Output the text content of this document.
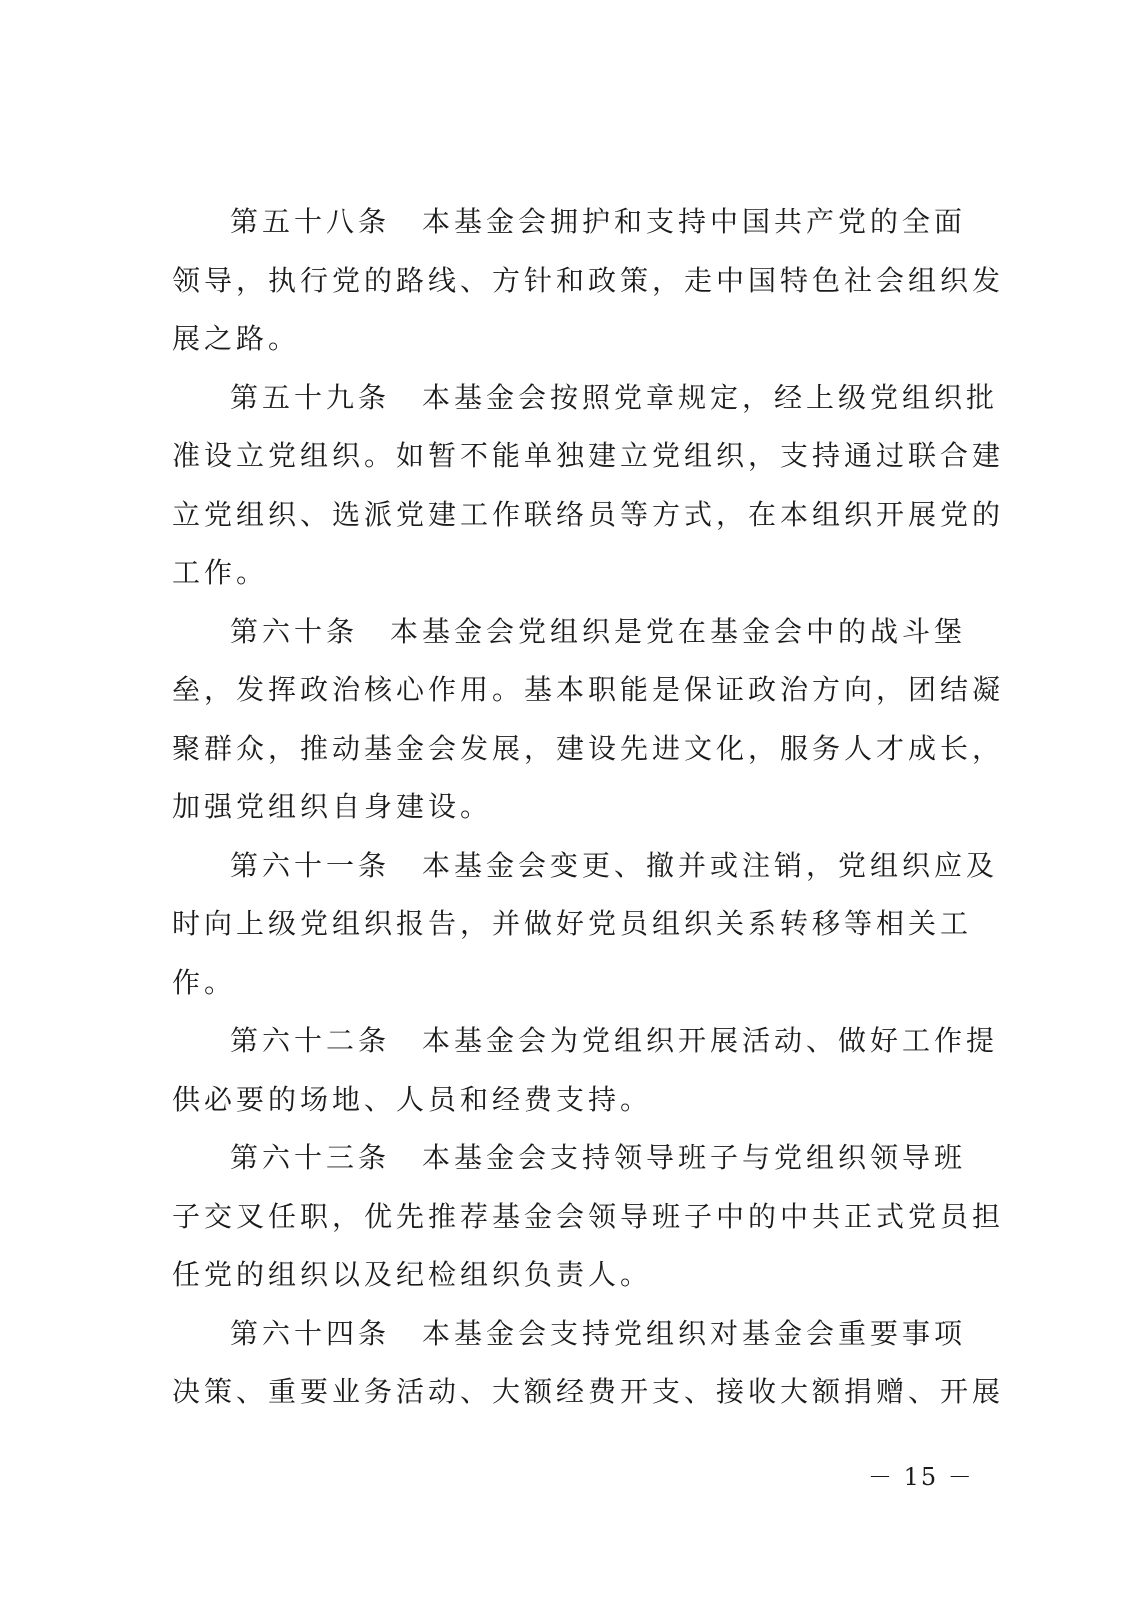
第五十八条 本基金会拥护和支持中国共产党的全面
领导，执行党的路线、方针和政策，走中国特色社会组织发
展之路。
第五十九条 本基金会按照党章规定，经上级党组织批
准设立党组织。如暂不能单独建立党组织，支持通过联合建
立党组织、选派党建工作联络员等方式，在本组织开展党的
工作。
第六十条 本基金会党组织是党在基金会中的战斗堡
垒，发挥政治核心作用。基本职能是保证政治方向，团结凝
聚群众，推动基金会发展，建设先进文化，服务人才成长，
加强党组织自身建设。
第六十一条 本基金会变更、撤并或注销，党组织应及
时向上级党组织报告，并做好党员组织关系转移等相关工
作。
第六十二条 本基金会为党组织开展活动、做好工作提
供必要的场地、人员和经费支持。
第六十三条 本基金会支持领导班子与党组织领导班
子交叉任职，优先推荐基金会领导班子中的中共正式党员担
任党的组织以及纪检组织负责人。
第六十四条 本基金会支持党组织对基金会重要事项
决策、重要业务活动、大额经费开支、接收大额捐赠、开展
－ 15 －
